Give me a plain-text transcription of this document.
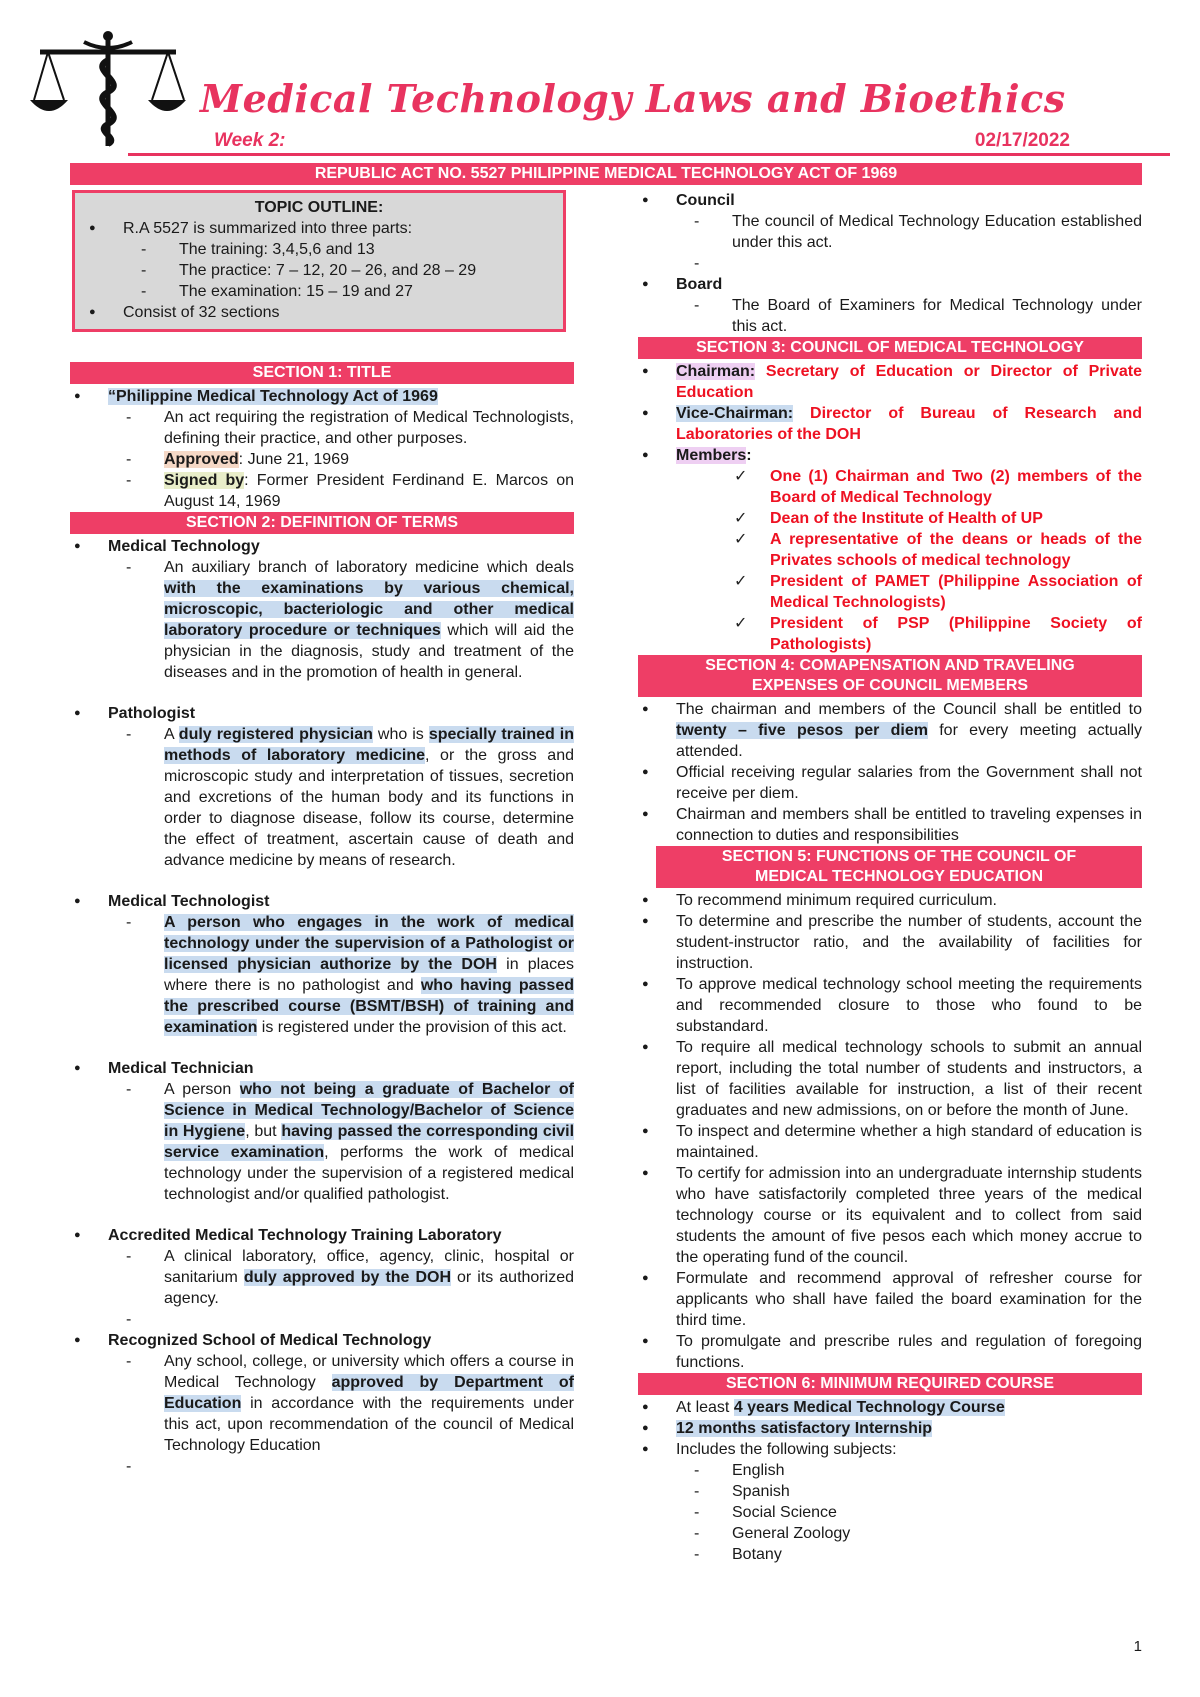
Medical Technology Laws and Bioethics
Week 2:	02/17/2022
REPUBLIC ACT NO. 5527 PHILIPPINE MEDICAL TECHNOLOGY ACT OF 1969
TOPIC OUTLINE:
● R.A 5527 is summarized into three parts:
- The training: 3,4,5,6 and 13
- The practice: 7 – 12, 20 – 26, and 28 – 29
- The examination: 15 – 19 and 27
● Consist of 32 sections
SECTION 1: TITLE
● “Philippine Medical Technology Act of 1969
- An act requiring the registration of Medical Technologists, defining their practice, and other purposes.
- Approved: June 21, 1969
- Signed by: Former President Ferdinand E. Marcos on August 14, 1969
SECTION 2: DEFINITION OF TERMS
● Medical Technology
- An auxiliary branch of laboratory medicine which deals with the examinations by various chemical, microscopic, bacteriologic and other medical laboratory procedure or techniques which will aid the physician in the diagnosis, study and treatment of the diseases and in the promotion of health in general.
● Pathologist
- A duly registered physician who is specially trained in methods of laboratory medicine, or the gross and microscopic study and interpretation of tissues, secretion and excretions of the human body and its functions in order to diagnose disease, follow its course, determine the effect of treatment, ascertain cause of death and advance medicine by means of research.
● Medical Technologist
- A person who engages in the work of medical technology under the supervision of a Pathologist or licensed physician authorize by the DOH in places where there is no pathologist and who having passed the prescribed course (BSMT/BSH) of training and examination is registered under the provision of this act.
● Medical Technician
- A person who not being a graduate of Bachelor of Science in Medical Technology/Bachelor of Science in Hygiene, but having passed the corresponding civil service examination, performs the work of medical technology under the supervision of a registered medical technologist and/or qualified pathologist.
● Accredited Medical Technology Training Laboratory
- A clinical laboratory, office, agency, clinic, hospital or sanitarium duly approved by the DOH or its authorized agency.
-
● Recognized School of Medical Technology
- Any school, college, or university which offers a course in Medical Technology approved by Department of Education in accordance with the requirements under this act, upon recommendation of the council of Medical Technology Education
-
● Council
- The council of Medical Technology Education established under this act.
-
● Board
- The Board of Examiners for Medical Technology under this act.
SECTION 3: COUNCIL OF MEDICAL TECHNOLOGY
● Chairman: Secretary of Education or Director of Private Education
● Vice-Chairman: Director of Bureau of Research and Laboratories of the DOH
● Members:
✓ One (1) Chairman and Two (2) members of the Board of Medical Technology
✓ Dean of the Institute of Health of UP
✓ A representative of the deans or heads of the Privates schools of medical technology
✓ President of PAMET (Philippine Association of Medical Technologists)
✓ President of PSP (Philippine Society of Pathologists)
SECTION 4: COMAPENSATION AND TRAVELING
EXPENSES OF COUNCIL MEMBERS
● The chairman and members of the Council shall be entitled to twenty – five pesos per diem for every meeting actually attended.
● Official receiving regular salaries from the Government shall not receive per diem.
● Chairman and members shall be entitled to traveling expenses in connection to duties and responsibilities
SECTION 5: FUNCTIONS OF THE COUNCIL OF
MEDICAL TECHNOLOGY EDUCATION
● To recommend minimum required curriculum.
● To determine and prescribe the number of students, account the student-instructor ratio, and the availability of facilities for instruction.
● To approve medical technology school meeting the requirements and recommended closure to those who found to be substandard.
● To require all medical technology schools to submit an annual report, including the total number of students and instructors, a list of facilities available for instruction, a list of their recent graduates and new admissions, on or before the month of June.
● To inspect and determine whether a high standard of education is maintained.
● To certify for admission into an undergraduate internship students who have satisfactorily completed three years of the medical technology course or its equivalent and to collect from said students the amount of five pesos each which money accrue to the operating fund of the council.
● Formulate and recommend approval of refresher course for applicants who shall have failed the board examination for the third time.
● To promulgate and prescribe rules and regulation of foregoing functions.
SECTION 6: MINIMUM REQUIRED COURSE
● At least 4 years Medical Technology Course
● 12 months satisfactory Internship
● Includes the following subjects:
- English
- Spanish
- Social Science
- General Zoology
- Botany
1
